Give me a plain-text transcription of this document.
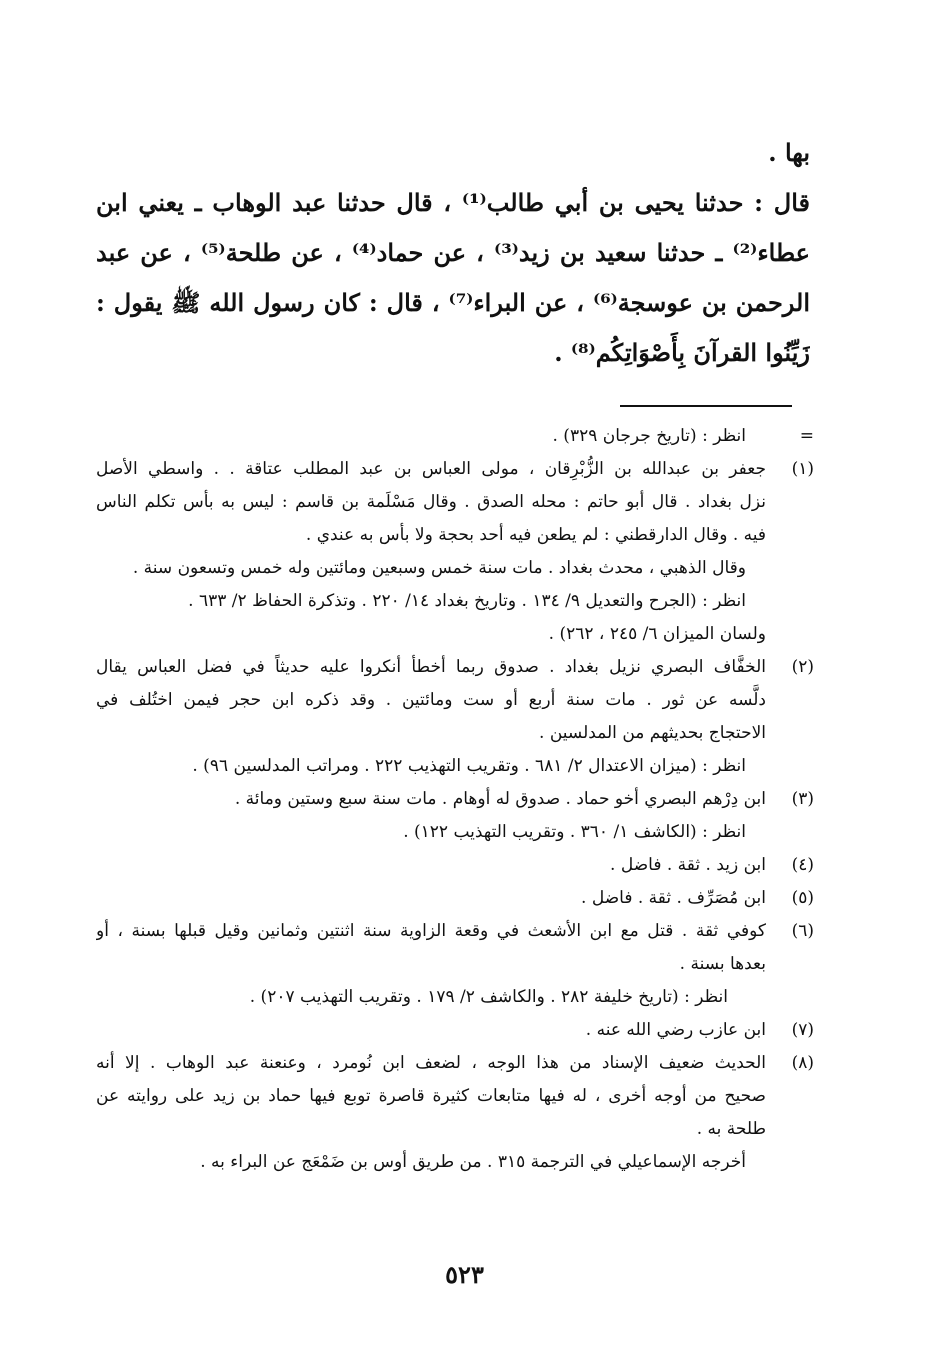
بها .
قال : حدثنا يحيى بن أبي طالب⁽¹⁾ ، قال حدثنا عبد الوهاب ـ يعني ابن
عطاء⁽²⁾ ـ حدثنا سعيد بن زيد⁽³⁾ ، عن حماد⁽⁴⁾ ، عن طلحة⁽⁵⁾ ، عن عبد
الرحمن بن عوسجة⁽⁶⁾ ، عن البراء⁽⁷⁾ ، قال : كان رسول الله ﷺ يقول :
زَيِّنُوا القرآنَ بِأَصْوَاتِكُم⁽⁸⁾ .
=
انظر : (تاريخ جرجان ٣٢٩) .
(١)
جعفر بن عبدالله بن الزُّبْرِقان ، مولى العباس بن عبد المطلب عتاقة . . واسطي الأصل
نزل بغداد . قال أبو حاتم : محله الصدق . وقال مَسْلَمة بن قاسم : ليس به بأس تكلم الناس
فيه . وقال الدارقطني : لم يطعن فيه أحد بحجة ولا بأس به عندي .
وقال الذهبي ، محدث بغداد . مات سنة خمس وسبعين ومائتين وله خمس وتسعون سنة .
انظر : (الجرح والتعديل ٩/ ١٣٤ . وتاريخ بغداد ١٤/ ٢٢٠ . وتذكرة الحفاظ ٢/ ٦٣٣ .
ولسان الميزان ٦/ ٢٤٥ ، ٢٦٢) .
(٢)
الخفَّاف البصري نزيل بغداد . صدوق ربما أخطأ أنكروا عليه حديثاً في فضل العباس يقال
دلَّسه عن ثور . مات سنة أربع أو ست ومائتين . وقد ذكره ابن حجر فيمن اختُلف في
الاحتجاج بحديثهم من المدلسين .
انظر : (ميزان الاعتدال ٢/ ٦٨١ . وتقريب التهذيب ٢٢٢ . ومراتب المدلسين ٩٦) .
(٣)
ابن دِرْهم البصري أخو حماد . صدوق له أوهام . مات سنة سبع وستين ومائة .
انظر : (الكاشف ١/ ٣٦٠ . وتقريب التهذيب ١٢٢) .
(٤)
ابن زيد . ثقة . فاضل .
(٥)
ابن مُصَرِّف . ثقة . فاضل .
(٦)
كوفي ثقة . قتل مع ابن الأشعث في وقعة الزاوية سنة اثنتين وثمانين وقيل قبلها بسنة ، أو
بعدها بسنة .
انظر : (تاريخ خليفة ٢٨٢ . والكاشف ٢/ ١٧٩ . وتقريب التهذيب ٢٠٧) .
(٧)
ابن عازب رضي الله عنه .
(٨)
الحديث ضعيف الإسناد من هذا الوجه ، لضعف ابن نُومرد ، وعنعنة عبد الوهاب . إلا أنه
صحيح من أوجه أخرى ، له فيها متابعات كثيرة قاصرة توبع فيها حماد بن زيد على روايته عن
طلحة به .
أخرجه الإسماعيلي في الترجمة ٣١٥ . من طريق أوس بن ضَمْعَج عن البراء به .
٥٢٣
